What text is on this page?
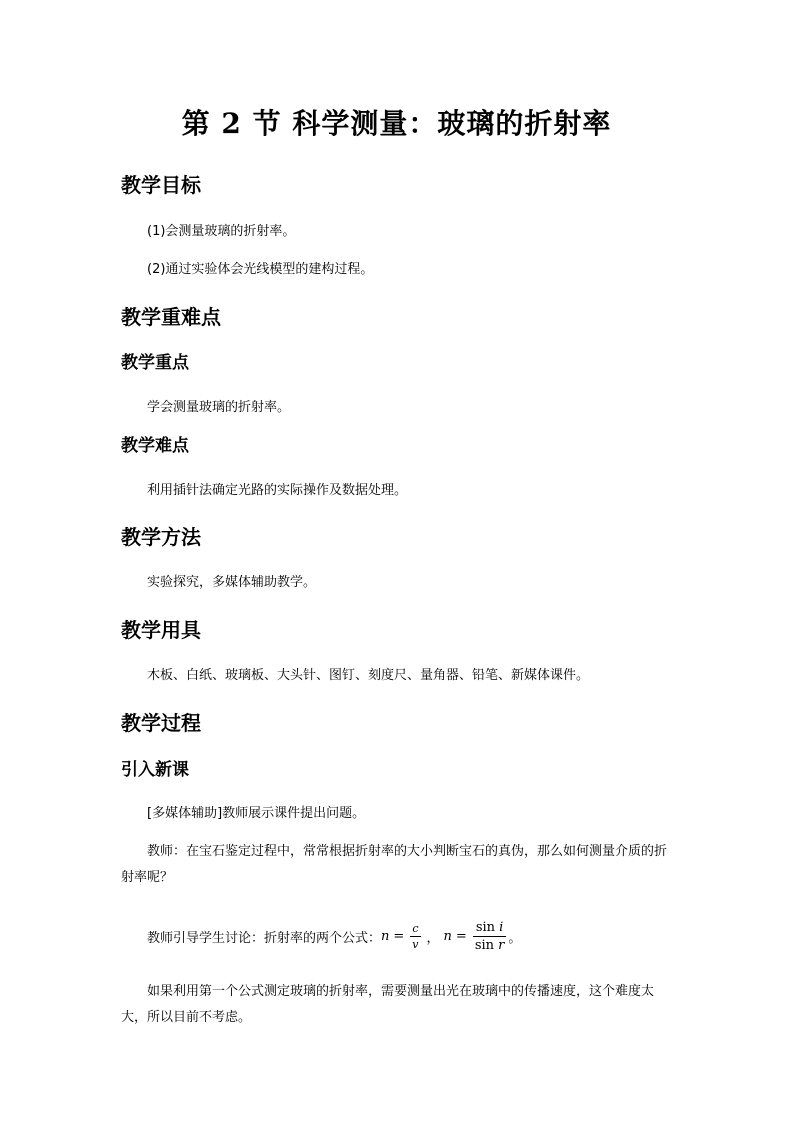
第 2 节 科学测量：玻璃的折射率
教学目标
(1)会测量玻璃的折射率。
(2)通过实验体会光线模型的建构过程。
教学重难点
教学重点
学会测量玻璃的折射率。
教学难点
利用插针法确定光路的实际操作及数据处理。
教学方法
实验探究，多媒体辅助教学。
教学用具
木板、白纸、玻璃板、大头针、图钉、刻度尺、量角器、铅笔、新媒体课件。
教学过程
引入新课
[多媒体辅助]教师展示课件提出问题。
教师：在宝石鉴定过程中，常常根据折射率的大小判断宝石的真伪，那么如何测量介质的折射率呢？
教师引导学生讨论：折射率的两个公式： $n = \frac{c}{v}$ ， $n = \frac{\text{sin i}}{\text{sin r}}$ 。
如果利用第一个公式测定玻璃的折射率，需要测量出光在玻璃中的传播速度，这个难度太大，所以目前不考虑。
